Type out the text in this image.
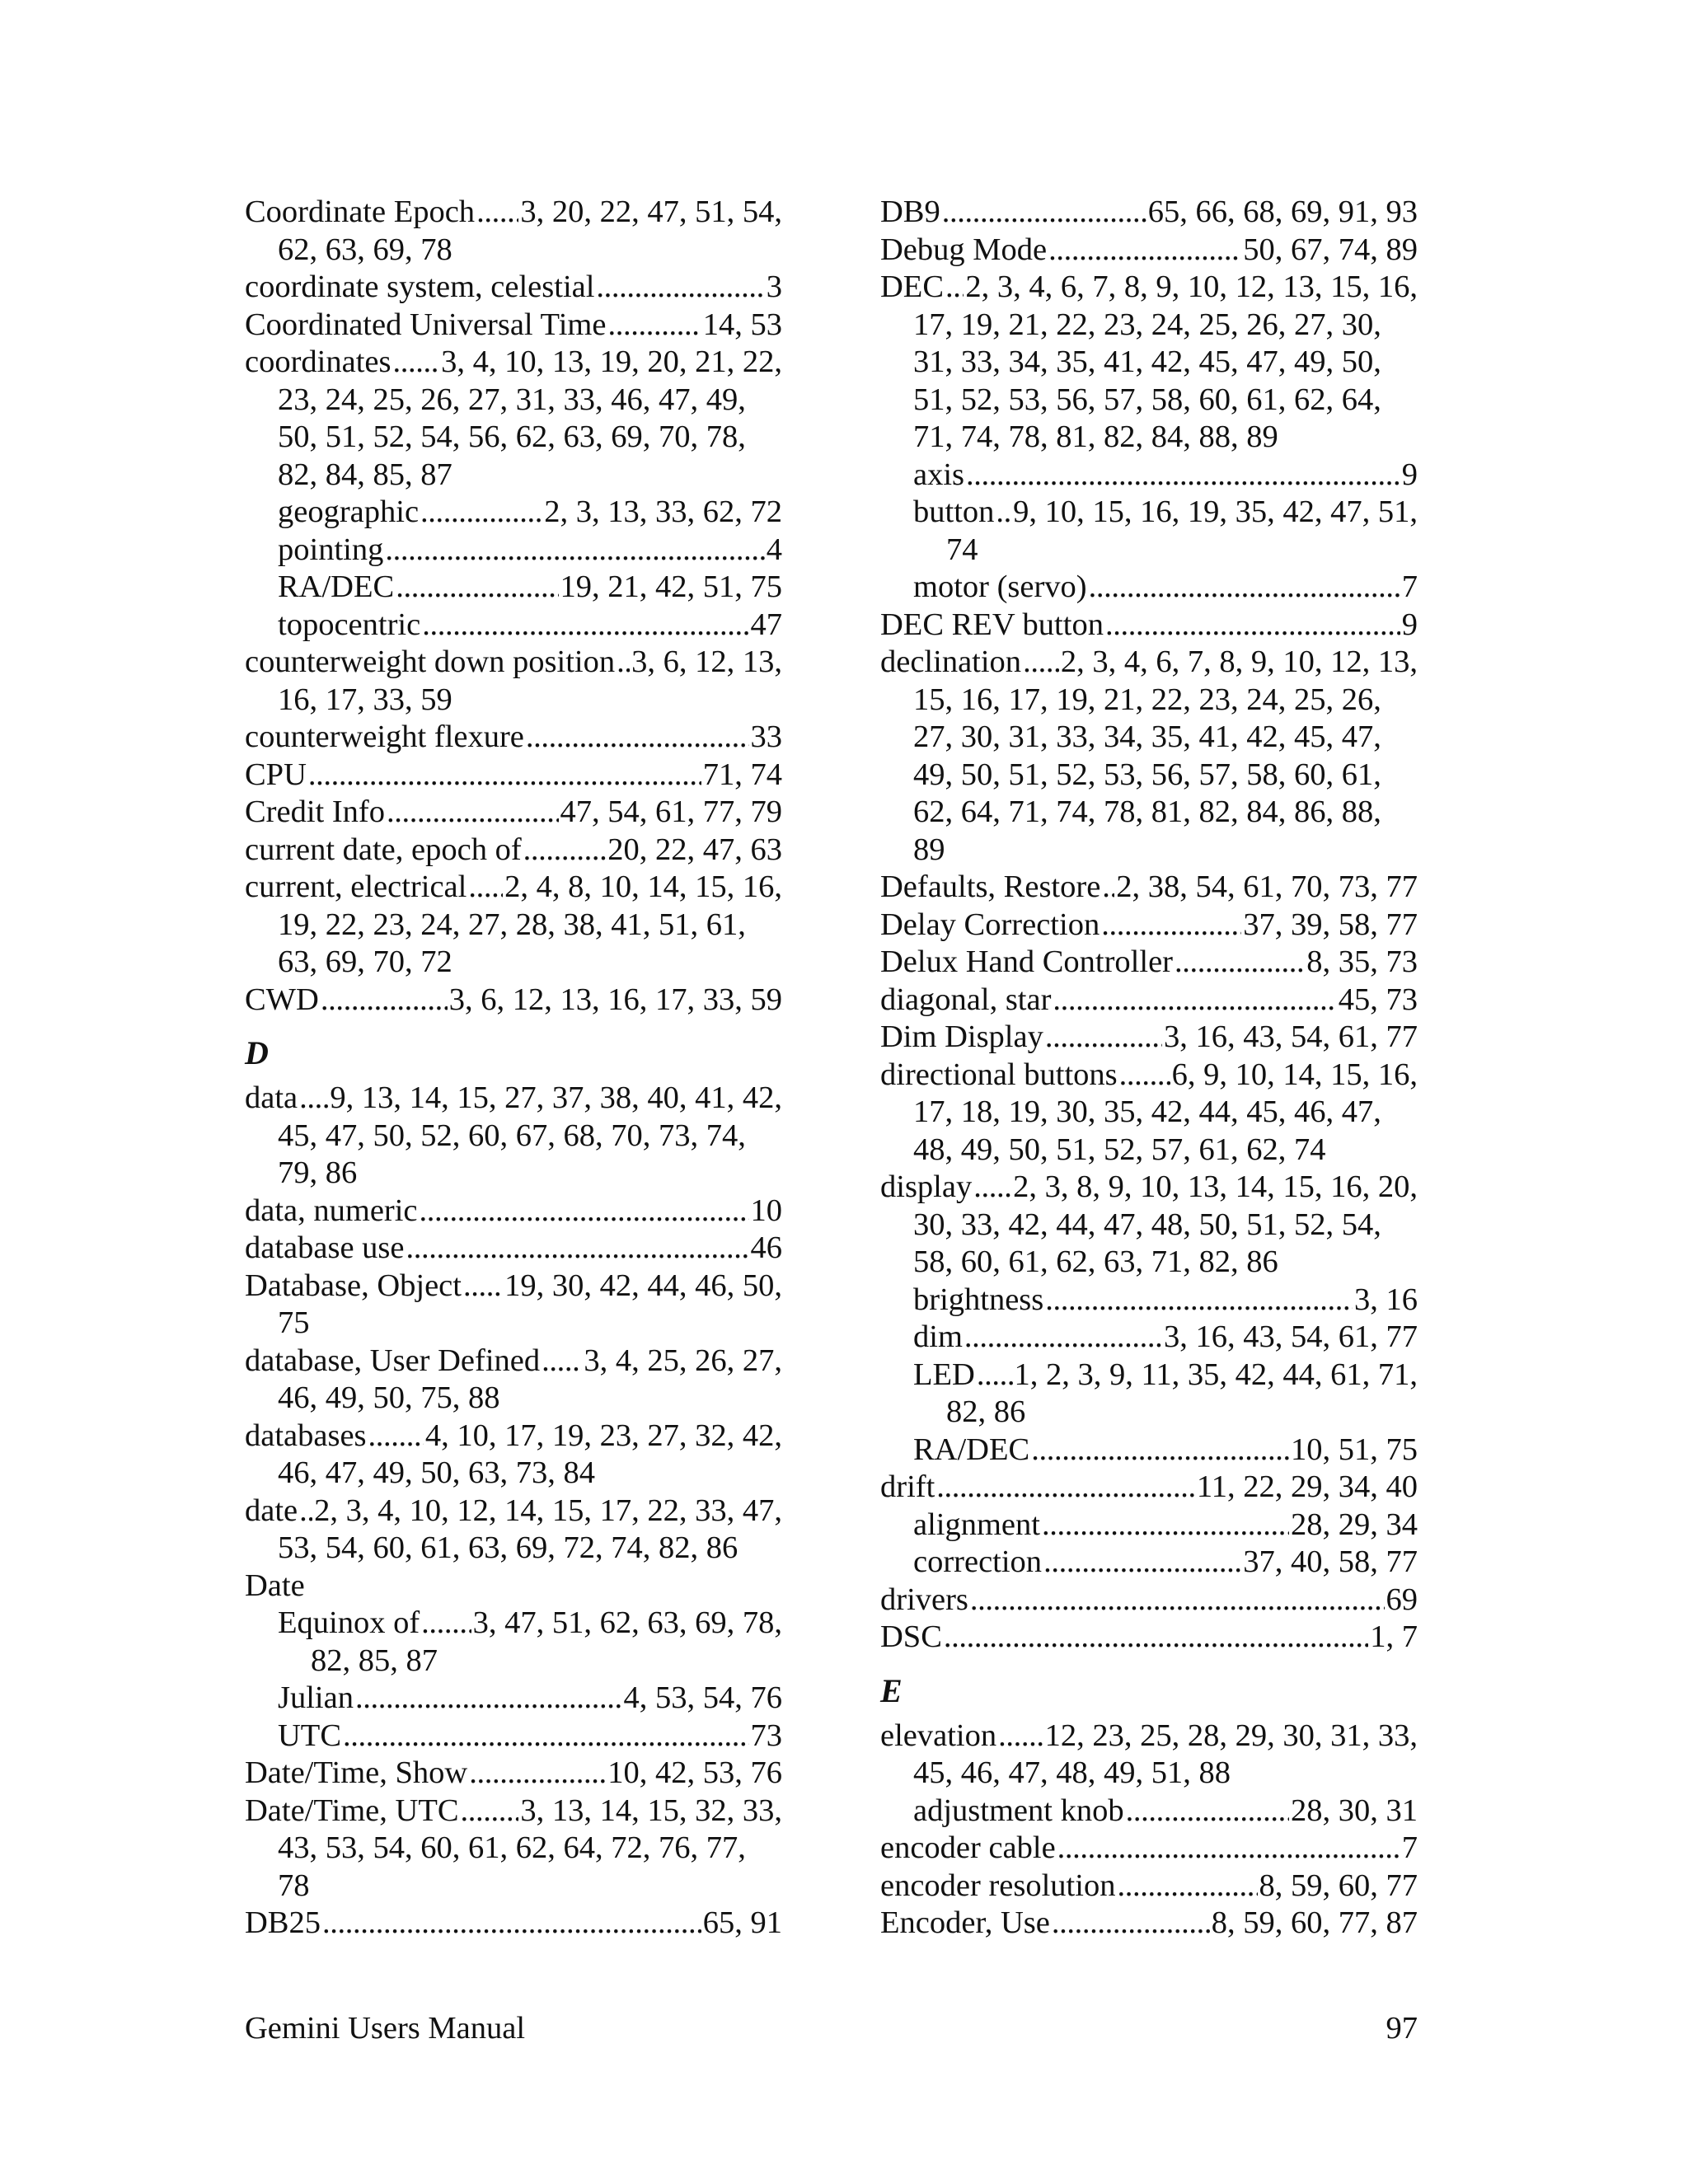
Coordinate Epoch . . . 3, 20, 22, 47, 51, 54,
62, 63, 69, 78
coordinate system, celestial . . .	3
Coordinated Universal Time . . .	14, 53
coordinates . . . 3, 4, 10, 13, 19, 20, 21, 22,
23, 24, 25, 26, 27, 31, 33, 46, 47, 49,
50, 51, 52, 54, 56, 62, 63, 69, 70, 78,
82, 84, 85, 87
geographic . . .	2, 3, 13, 33, 62, 72
pointing . . .	4
RA/DEC . . .	19, 21, 42, 51, 75
topocentric . . .	47
counterweight down position . . . 3, 6, 12, 13,
16, 17, 33, 59
counterweight flexure . . .	33
CPU . . .	71, 74
Credit Info . . .	47, 54, 61, 77, 79
current date, epoch of . . .	20, 22, 47, 63
current, electrical . . . 2, 4, 8, 10, 14, 15, 16,
19, 22, 23, 24, 27, 28, 38, 41, 51, 61,
63, 69, 70, 72
CWD . . .	3, 6, 12, 13, 16, 17, 33, 59
D
data . . . 9, 13, 14, 15, 27, 37, 38, 40, 41, 42,
45, 47, 50, 52, 60, 67, 68, 70, 73, 74,
79, 86
data, numeric . . .	10
database use . . .	46
Database, Object . . . 19, 30, 42, 44, 46, 50,
75
database, User Defined . . . 3, 4, 25, 26, 27,
46, 49, 50, 75, 88
databases . . . 4, 10, 17, 19, 23, 27, 32, 42,
46, 47, 49, 50, 63, 73, 84
date . . . 2, 3, 4, 10, 12, 14, 15, 17, 22, 33, 47,
53, 54, 60, 61, 63, 69, 72, 74, 82, 86
Date
Equinox of . . . 3, 47, 51, 62, 63, 69, 78,
82, 85, 87
Julian . . .	4, 53, 54, 76
UTC . . .	73
Date/Time, Show . . .	10, 42, 53, 76
Date/Time, UTC . . . 3, 13, 14, 15, 32, 33,
43, 53, 54, 60, 61, 62, 64, 72, 76, 77,
78
DB25 . . .	65, 91
DB9 . . .	65, 66, 68, 69, 91, 93
Debug Mode . . .	50, 67, 74, 89
DEC . . . 2, 3, 4, 6, 7, 8, 9, 10, 12, 13, 15, 16,
17, 19, 21, 22, 23, 24, 25, 26, 27, 30,
31, 33, 34, 35, 41, 42, 45, 47, 49, 50,
51, 52, 53, 56, 57, 58, 60, 61, 62, 64,
71, 74, 78, 81, 82, 84, 88, 89
axis . . .	9
button . . . 9, 10, 15, 16, 19, 35, 42, 47, 51,
74
motor (servo) . . .	7
DEC REV button . . .	9
declination . . . 2, 3, 4, 6, 7, 8, 9, 10, 12, 13,
15, 16, 17, 19, 21, 22, 23, 24, 25, 26,
27, 30, 31, 33, 34, 35, 41, 42, 45, 47,
49, 50, 51, 52, 53, 56, 57, 58, 60, 61,
62, 64, 71, 74, 78, 81, 82, 84, 86, 88,
89
Defaults, Restore . . . 2, 38, 54, 61, 70, 73, 77
Delay Correction . . .	37, 39, 58, 77
Delux Hand Controller . . .	8, 35, 73
diagonal, star . . .	45, 73
Dim Display . . .	3, 16, 43, 54, 61, 77
directional buttons . . . 6, 9, 10, 14, 15, 16,
17, 18, 19, 30, 35, 42, 44, 45, 46, 47,
48, 49, 50, 51, 52, 57, 61, 62, 74
display . . . 2, 3, 8, 9, 10, 13, 14, 15, 16, 20,
30, 33, 42, 44, 47, 48, 50, 51, 52, 54,
58, 60, 61, 62, 63, 71, 82, 86
brightness . . .	3, 16
dim . . .	3, 16, 43, 54, 61, 77
LED . . . 1, 2, 3, 9, 11, 35, 42, 44, 61, 71,
82, 86
RA/DEC . . .	10, 51, 75
drift . . .	11, 22, 29, 34, 40
alignment . . .	28, 29, 34
correction . . .	37, 40, 58, 77
drivers . . .	69
DSC . . .	1, 7
E
elevation . . . 12, 23, 25, 28, 29, 30, 31, 33,
45, 46, 47, 48, 49, 51, 88
adjustment knob . . .	28, 30, 31
encoder cable . . .	7
encoder resolution . . .	8, 59, 60, 77
Encoder, Use . . .	8, 59, 60, 77, 87
Gemini Users Manual	97
